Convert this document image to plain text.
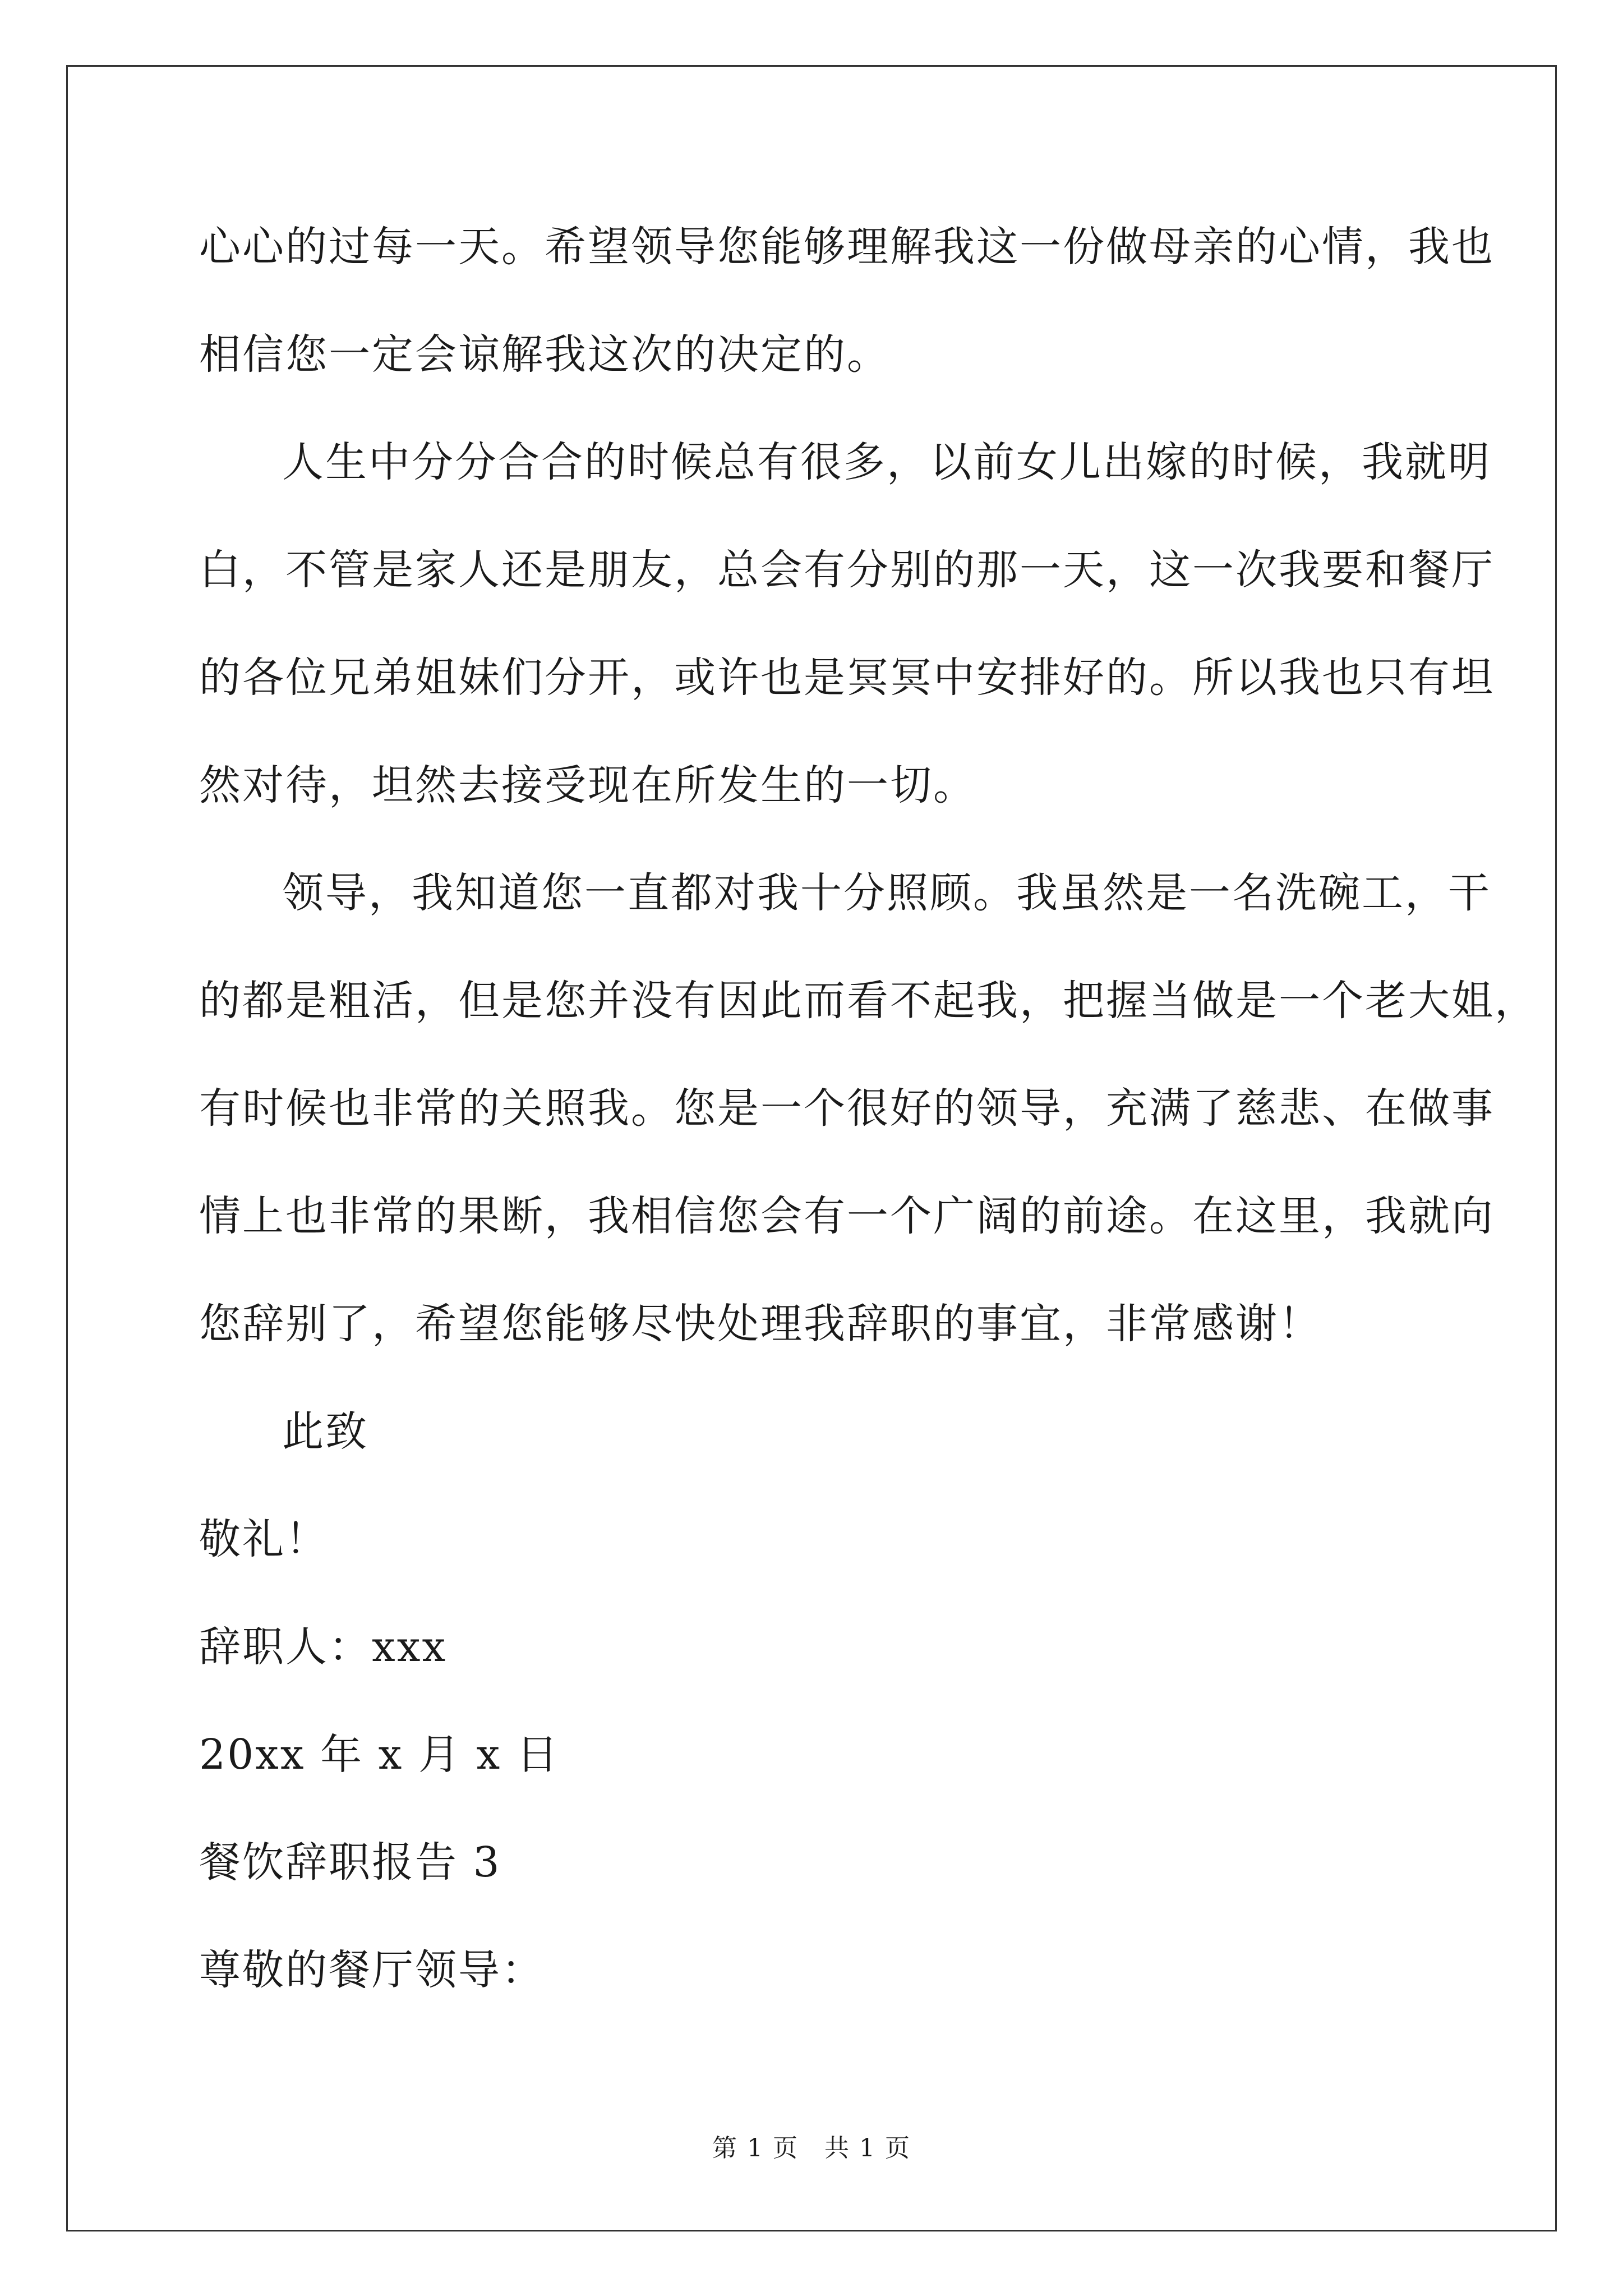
心心的过每一天。希望领导您能够理解我这一份做母亲的心情，我也

相信您一定会谅解我这次的决定的。

人生中分分合合的时候总有很多，以前女儿出嫁的时候，我就明

白，不管是家人还是朋友，总会有分别的那一天，这一次我要和餐厅

的各位兄弟姐妹们分开，或许也是冥冥中安排好的。所以我也只有坦

然对待，坦然去接受现在所发生的一切。

领导，我知道您一直都对我十分照顾。我虽然是一名洗碗工，干

的都是粗活，但是您并没有因此而看不起我，把握当做是一个老大姐，

有时候也非常的关照我。您是一个很好的领导，充满了慈悲、在做事

情上也非常的果断，我相信您会有一个广阔的前途。在这里，我就向

您辞别了，希望您能够尽快处理我辞职的事宜，非常感谢！

此致

敬礼！

辞职人：xxx

20xx 年 x 月 x 日

餐饮辞职报告 3

尊敬的餐厅领导：

第 1 页 共 1 页
